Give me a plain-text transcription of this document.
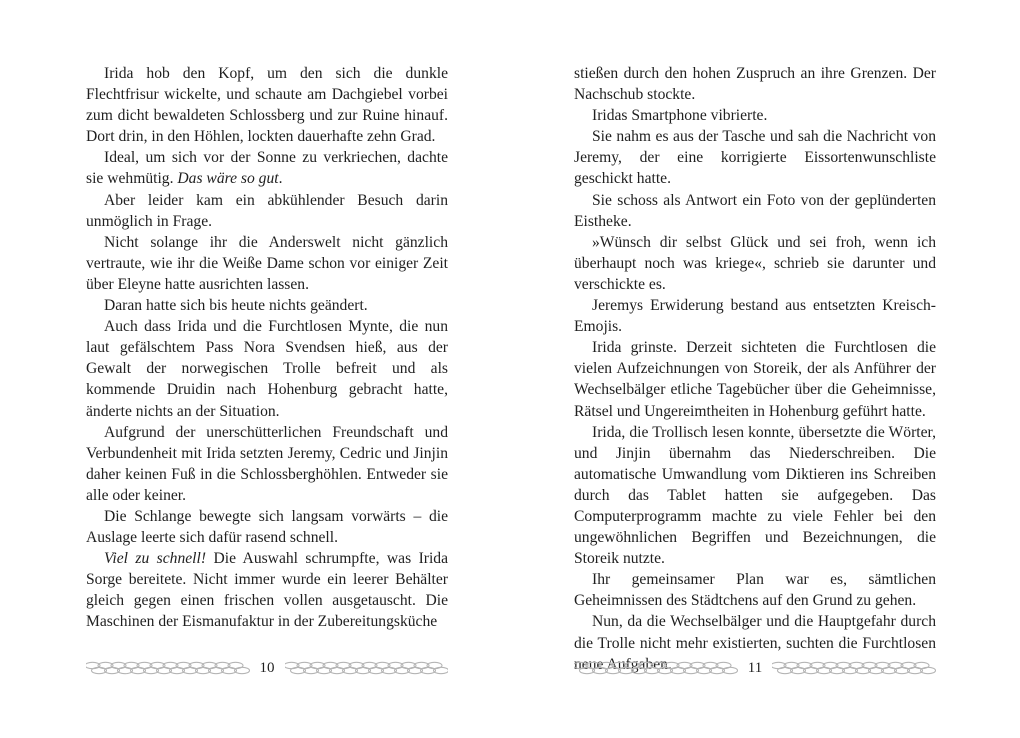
Irida hob den Kopf, um den sich die dunkle Flechtfrisur wickelte, und schaute am Dachgiebel vorbei zum dicht bewaldeten Schlossberg und zur Ruine hinauf. Dort drin, in den Höhlen, lockten dauerhafte zehn Grad.

Ideal, um sich vor der Sonne zu verkriechen, dachte sie wehmütig. Das wäre so gut.

Aber leider kam ein abkühlender Besuch darin unmöglich in Frage.

Nicht solange ihr die Anderswelt nicht gänzlich vertraute, wie ihr die Weiße Dame schon vor einiger Zeit über Eleyne hatte ausrichten lassen.

Daran hatte sich bis heute nichts geändert.

Auch dass Irida und die Furchtlosen Mynte, die nun laut gefälschtem Pass Nora Svendsen hieß, aus der Gewalt der norwegischen Trolle befreit und als kommende Druidin nach Hohenburg gebracht hatte, änderte nichts an der Situation.

Aufgrund der unerschütterlichen Freundschaft und Verbundenheit mit Irida setzten Jeremy, Cedric und Jinjin daher keinen Fuß in die Schlossberghöhlen. Entweder sie alle oder keiner.

Die Schlange bewegte sich langsam vorwärts – die Auslage leerte sich dafür rasend schnell.

Viel zu schnell! Die Auswahl schrumpfte, was Irida Sorge bereitete. Nicht immer wurde ein leerer Behälter gleich gegen einen frischen vollen ausgetauscht. Die Maschinen der Eismanufaktur in der Zubereitungsküche

stießen durch den hohen Zuspruch an ihre Grenzen. Der Nachschub stockte.

Iridas Smartphone vibrierte.

Sie nahm es aus der Tasche und sah die Nachricht von Jeremy, der eine korrigierte Eissortenwunschliste geschickt hatte.

Sie schoss als Antwort ein Foto von der geplünderten Eistheke.

»Wünsch dir selbst Glück und sei froh, wenn ich überhaupt noch was kriege«, schrieb sie darunter und verschickte es.

Jeremys Erwiderung bestand aus entsetzten Kreisch-Emojis.

Irida grinste. Derzeit sichteten die Furchtlosen die vielen Aufzeichnungen von Storeik, der als Anführer der Wechselbälger etliche Tagebücher über die Geheimnisse, Rätsel und Ungereimtheiten in Hohenburg geführt hatte.

Irida, die Trollisch lesen konnte, übersetzte die Wörter, und Jinjin übernahm das Niederschreiben. Die automatische Umwandlung vom Diktieren ins Schreiben durch das Tablet hatten sie aufgegeben. Das Computerprogramm machte zu viele Fehler bei den ungewöhnlichen Begriffen und Bezeichnungen, die Storeik nutzte.

Ihr gemeinsamer Plan war es, sämtlichen Geheimnissen des Städtchens auf den Grund zu gehen.

Nun, da die Wechselbälger und die Hauptgefahr durch die Trolle nicht mehr existierten, suchten die Furchtlosen neue Aufgaben.

10	11
